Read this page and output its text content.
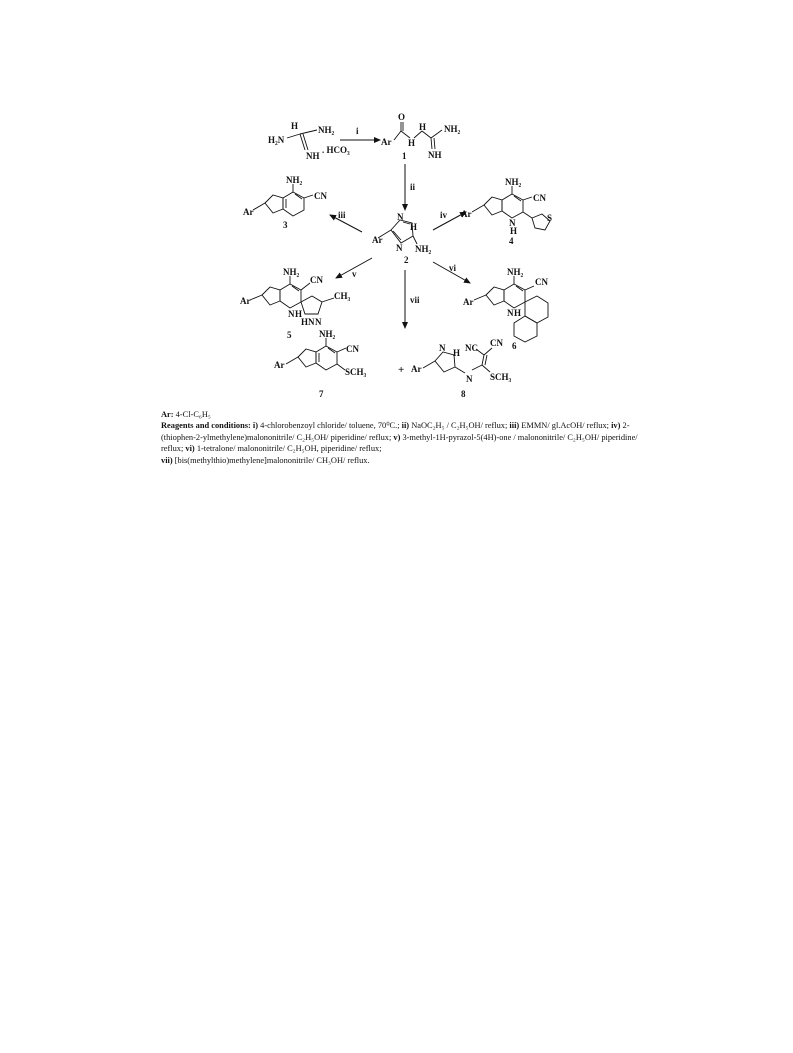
H
H₂N
NH₂
NH
. HCO₃
i
Ar
O
H
H NH₂
NH
1
ii
Ar
N
H
N NH₂
2
iii
Ar
NH₂
CN
3
iv Ar
NH₂
CN
N
H
S
4
v
Ar
NH₂
CN
N H
HN N
CH₃
5
vi
Ar
NH₂
CN
N H
6
vii
Ar
NH₂
CN
SCH₃
7
+ Ar
N H NC CN
N SCH₃
8

Ar: 4-Cl-C₆H₅

Reagents and conditions: i) 4-chlorobenzoyl chloride/ toluene, 70⁰C.; ii) NaOC₂H₅ / C₂H₅OH/ reflux; iii) EMMN/ gl.AcOH/ reflux; iv) 2-(thiophen-2-ylmethylene)malononitrile/ C₂H₅OH/ piperidine/ reflux; v) 3-methyl-1H-pyrazol-5(4H)-one / malononitrile/ C₂H₅OH/ piperidine/ reflux; vi) 1-tetralone/ malononitrile/ C₂H₅OH, piperidine/ reflux;
vii) [bis(methylthio)methylene]malononitrile/ CH₃OH/ reflux.
